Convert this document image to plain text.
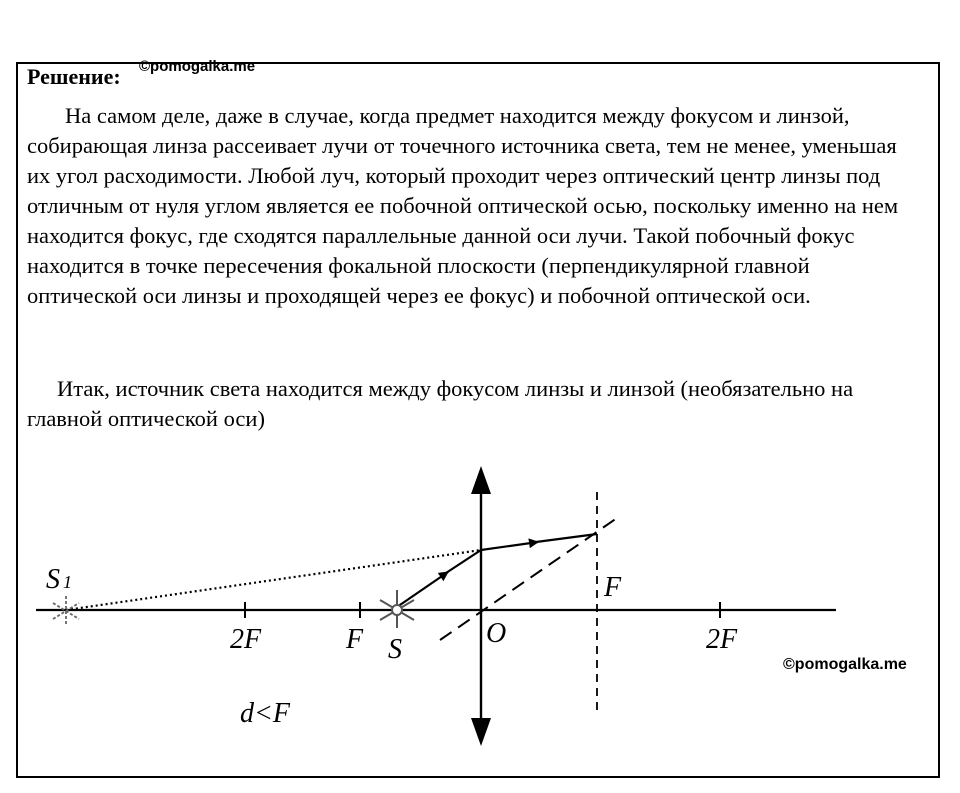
Решение: ©pomogalka.me

На самом деле, даже в случае, когда предмет находится между фокусом и линзой, собирающая линза рассеивает лучи от точечного источника света, тем не менее, уменьшая их угол расходимости. Любой луч, который проходит через оптический центр линзы под отличным от нуля углом является ее побочной оптической осью, поскольку именно на нем находится фокус, где сходятся параллельные данной оси лучи. Такой побочный фокус находится в точке пересечения фокальной плоскости (перпендикулярной главной оптической оси линзы и проходящей через ее фокус) и побочной оптической оси.

Итак, источник света находится между фокусом линзы и линзой (необязательно на главной оптической оси)

S 1
2F	F S
O
F
2F
d<F
©pomogalka.me
